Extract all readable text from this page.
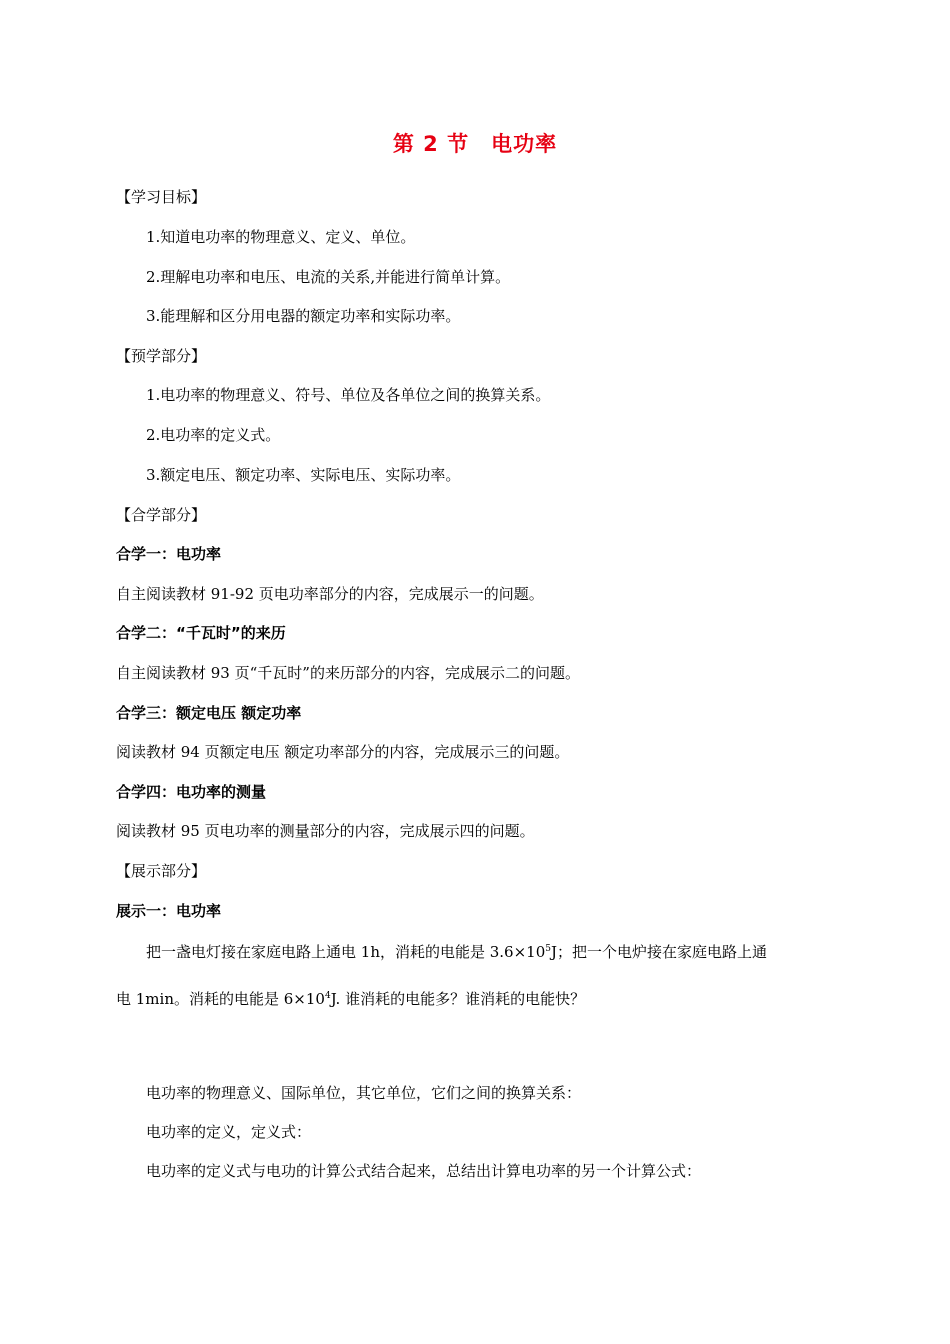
第 2 节 电功率
【学习目标】
1.知道电功率的物理意义、定义、单位。
2.理解电功率和电压、电流的关系,并能进行简单计算。
3.能理解和区分用电器的额定功率和实际功率。
【预学部分】
1.电功率的物理意义、符号、单位及各单位之间的换算关系。
2.电功率的定义式。
3.额定电压、额定功率、实际电压、实际功率。
【合学部分】
合学一：电功率
自主阅读教材 91-92 页电功率部分的内容，完成展示一的问题。
合学二：“千瓦时”的来历
自主阅读教材 93 页“千瓦时”的来历部分的内容，完成展示二的问题。
合学三：额定电压 额定功率
阅读教材 94 页额定电压 额定功率部分的内容，完成展示三的问题。
合学四：电功率的测量
阅读教材 95 页电功率的测量部分的内容，完成展示四的问题。
【展示部分】
展示一：电功率
把一盏电灯接在家庭电路上通电 1h，消耗的电能是 $3.6\times 10^5J$；把一个电炉接在家庭电路上通
电 1min。消耗的电能是 $6\times 10^4J$. 谁消耗的电能多？谁消耗的电能快？
电功率的物理意义、国际单位，其它单位，它们之间的换算关系：
电功率的定义，定义式：
电功率的定义式与电功的计算公式结合起来，总结出计算电功率的另一个计算公式：
